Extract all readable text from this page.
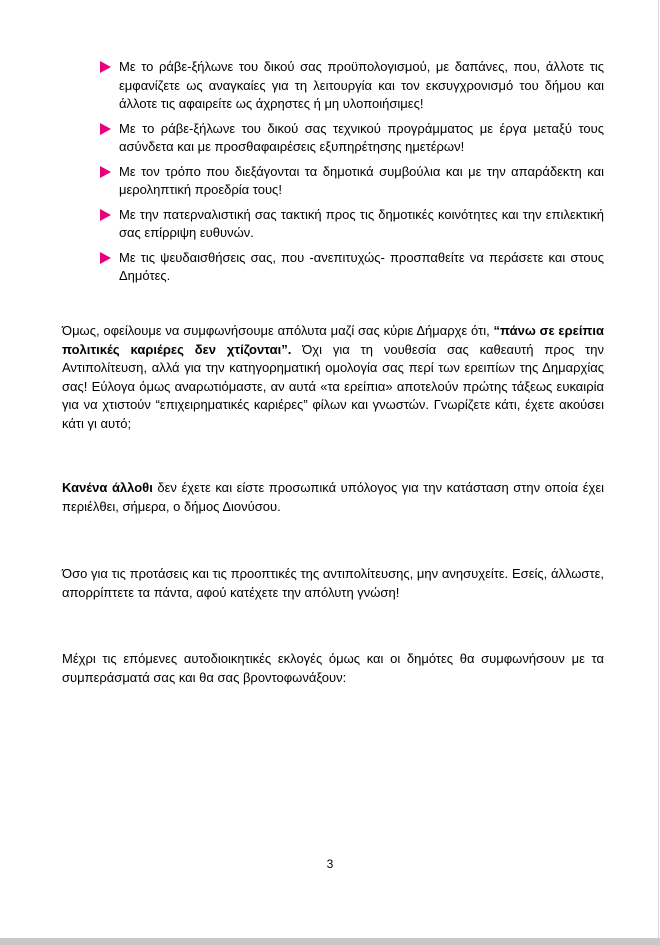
Με το ράβε-ξήλωνε του δικού σας προϋπολογισμού, με δαπάνες, που, άλλοτε τις εμφανίζετε ως αναγκαίες για τη λειτουργία και τον εκσυγχρονισμό του δήμου και άλλοτε τις αφαιρείτε ως άχρηστες ή μη υλοποιήσιμες!
Με το ράβε-ξήλωνε του δικού σας τεχνικού προγράμματος με έργα μεταξύ τους ασύνδετα και με προσθαφαιρέσεις εξυπηρέτησης ημετέρων!
Με τον τρόπο που διεξάγονται τα δημοτικά συμβούλια και με την απαράδεκτη και μεροληπτική προεδρία τους!
Με την πατερναλιστική σας τακτική προς τις δημοτικές κοινότητες και την επιλεκτική σας επίρριψη ευθυνών.
Με τις ψευδαισθήσεις σας, που -ανεπιτυχώς- προσπαθείτε να περάσετε και στους Δημότες.

Όμως, οφείλουμε να συμφωνήσουμε απόλυτα μαζί σας κύριε Δήμαρχε ότι, “πάνω σε ερείπια πολιτικές καριέρες δεν χτίζονται”. Όχι για τη νουθεσία σας καθεαυτή προς την Αντιπολίτευση, αλλά για την κατηγορηματική ομολογία σας περί των ερειπίων της Δημαρχίας σας! Εύλογα όμως αναρωτιόμαστε, αν αυτά «τα ερείπια» αποτελούν πρώτης τάξεως ευκαιρία για να χτιστούν “επιχειρηματικές καριέρες” φίλων και γνωστών. Γνωρίζετε κάτι, έχετε ακούσει κάτι γι αυτό;

Κανένα άλλοθι δεν έχετε και είστε προσωπικά υπόλογος για την κατάσταση στην οποία έχει περιέλθει, σήμερα, ο δήμος Διονύσου.

Όσο για τις προτάσεις και τις προοπτικές της αντιπολίτευσης, μην ανησυχείτε. Εσείς, άλλωστε, απορρίπτετε τα πάντα, αφού κατέχετε την απόλυτη γνώση!

Μέχρι τις επόμενες αυτοδιοικητικές εκλογές όμως και οι δημότες θα συμφωνήσουν με τα συμπεράσματά σας και θα σας βροντοφωνάξουν:

3
